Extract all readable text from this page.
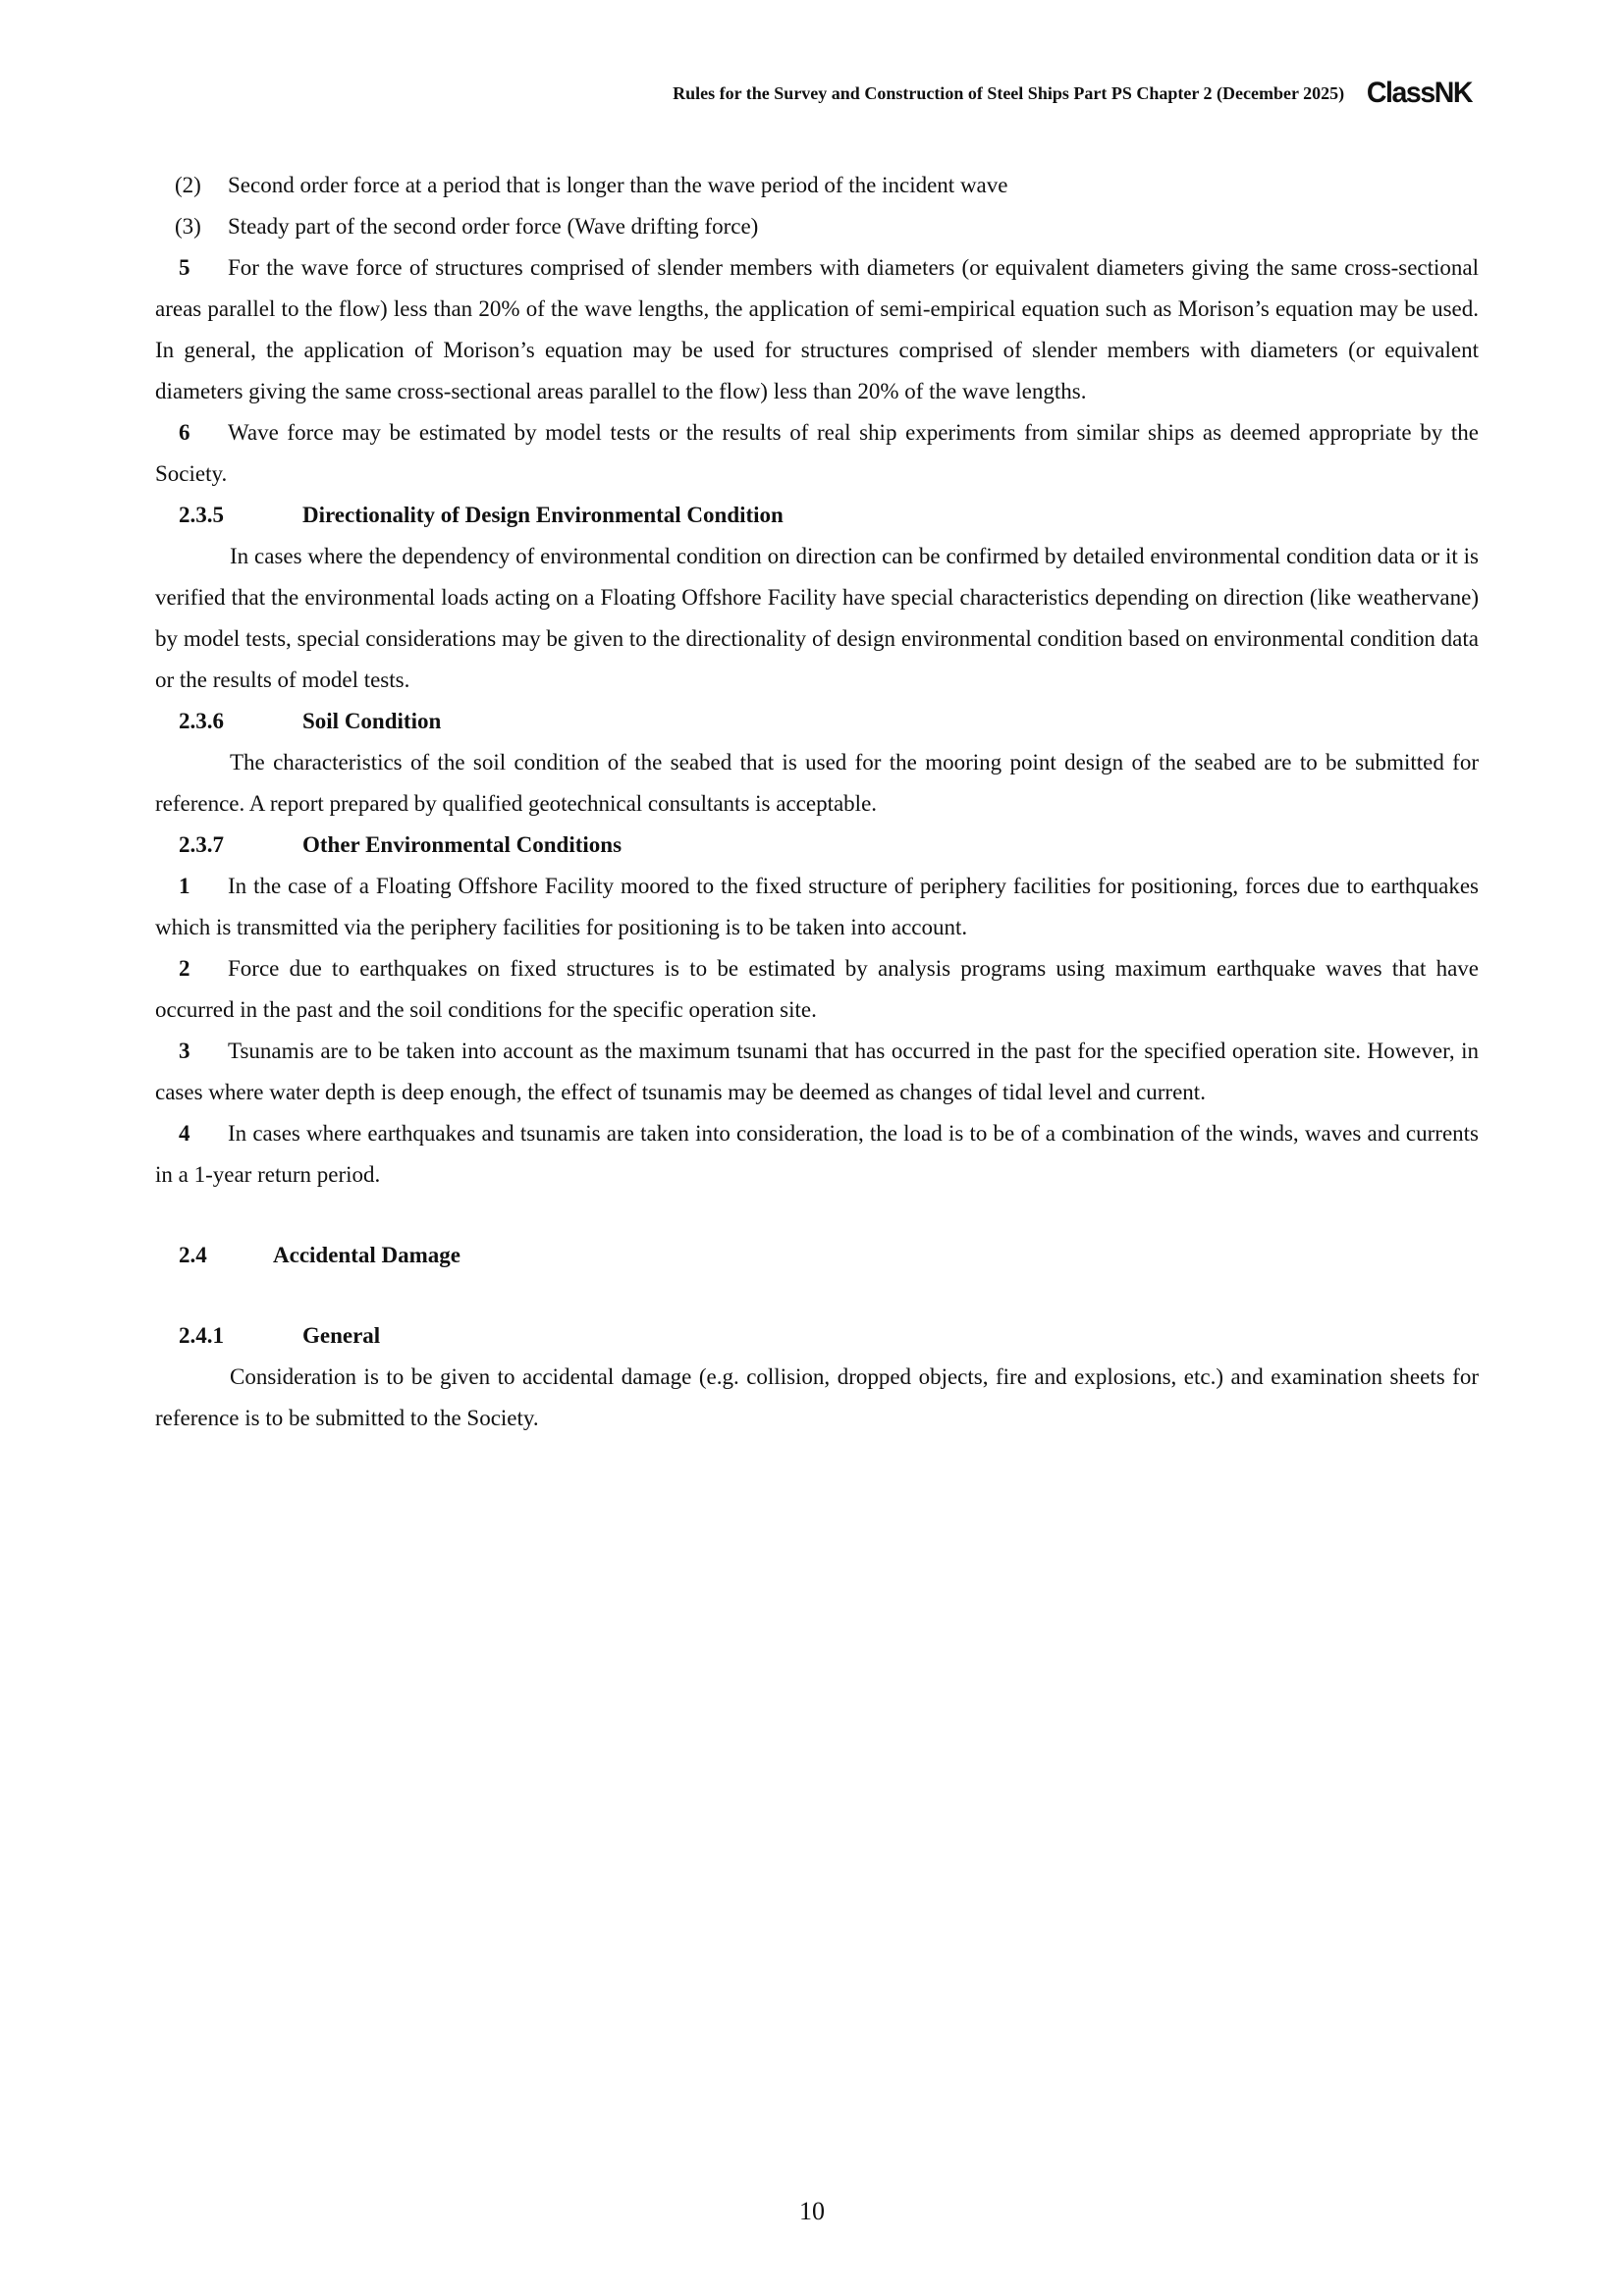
Rules for the Survey and Construction of Steel Ships Part PS Chapter 2 (December 2025) ClassNK

(2) Second order force at a period that is longer than the wave period of the incident wave

(3) Steady part of the second order force (Wave drifting force)

5 For the wave force of structures comprised of slender members with diameters (or equivalent diameters giving the same cross-sectional areas parallel to the flow) less than 20% of the wave lengths, the application of semi-empirical equation such as Morison’s equation may be used. In general, the application of Morison’s equation may be used for structures comprised of slender members with diameters (or equivalent diameters giving the same cross-sectional areas parallel to the flow) less than 20% of the wave lengths.

6 Wave force may be estimated by model tests or the results of real ship experiments from similar ships as deemed appropriate by the Society.

2.3.5	Directionality of Design Environmental Condition

In cases where the dependency of environmental condition on direction can be confirmed by detailed environmental condition data or it is verified that the environmental loads acting on a Floating Offshore Facility have special characteristics depending on direction (like weathervane) by model tests, special considerations may be given to the directionality of design environmental condition based on environmental condition data or the results of model tests.

2.3.6	Soil Condition

The characteristics of the soil condition of the seabed that is used for the mooring point design of the seabed are to be submitted for reference. A report prepared by qualified geotechnical consultants is acceptable.

2.3.7	Other Environmental Conditions

1 In the case of a Floating Offshore Facility moored to the fixed structure of periphery facilities for positioning, forces due to earthquakes which is transmitted via the periphery facilities for positioning is to be taken into account.

2 Force due to earthquakes on fixed structures is to be estimated by analysis programs using maximum earthquake waves that have occurred in the past and the soil conditions for the specific operation site.

3 Tsunamis are to be taken into account as the maximum tsunami that has occurred in the past for the specified operation site. However, in cases where water depth is deep enough, the effect of tsunamis may be deemed as changes of tidal level and current.

4 In cases where earthquakes and tsunamis are taken into consideration, the load is to be of a combination of the winds, waves and currents in a 1-year return period.

2.4	Accidental Damage

2.4.1	General

Consideration is to be given to accidental damage (e.g. collision, dropped objects, fire and explosions, etc.) and examination sheets for reference is to be submitted to the Society.

10
